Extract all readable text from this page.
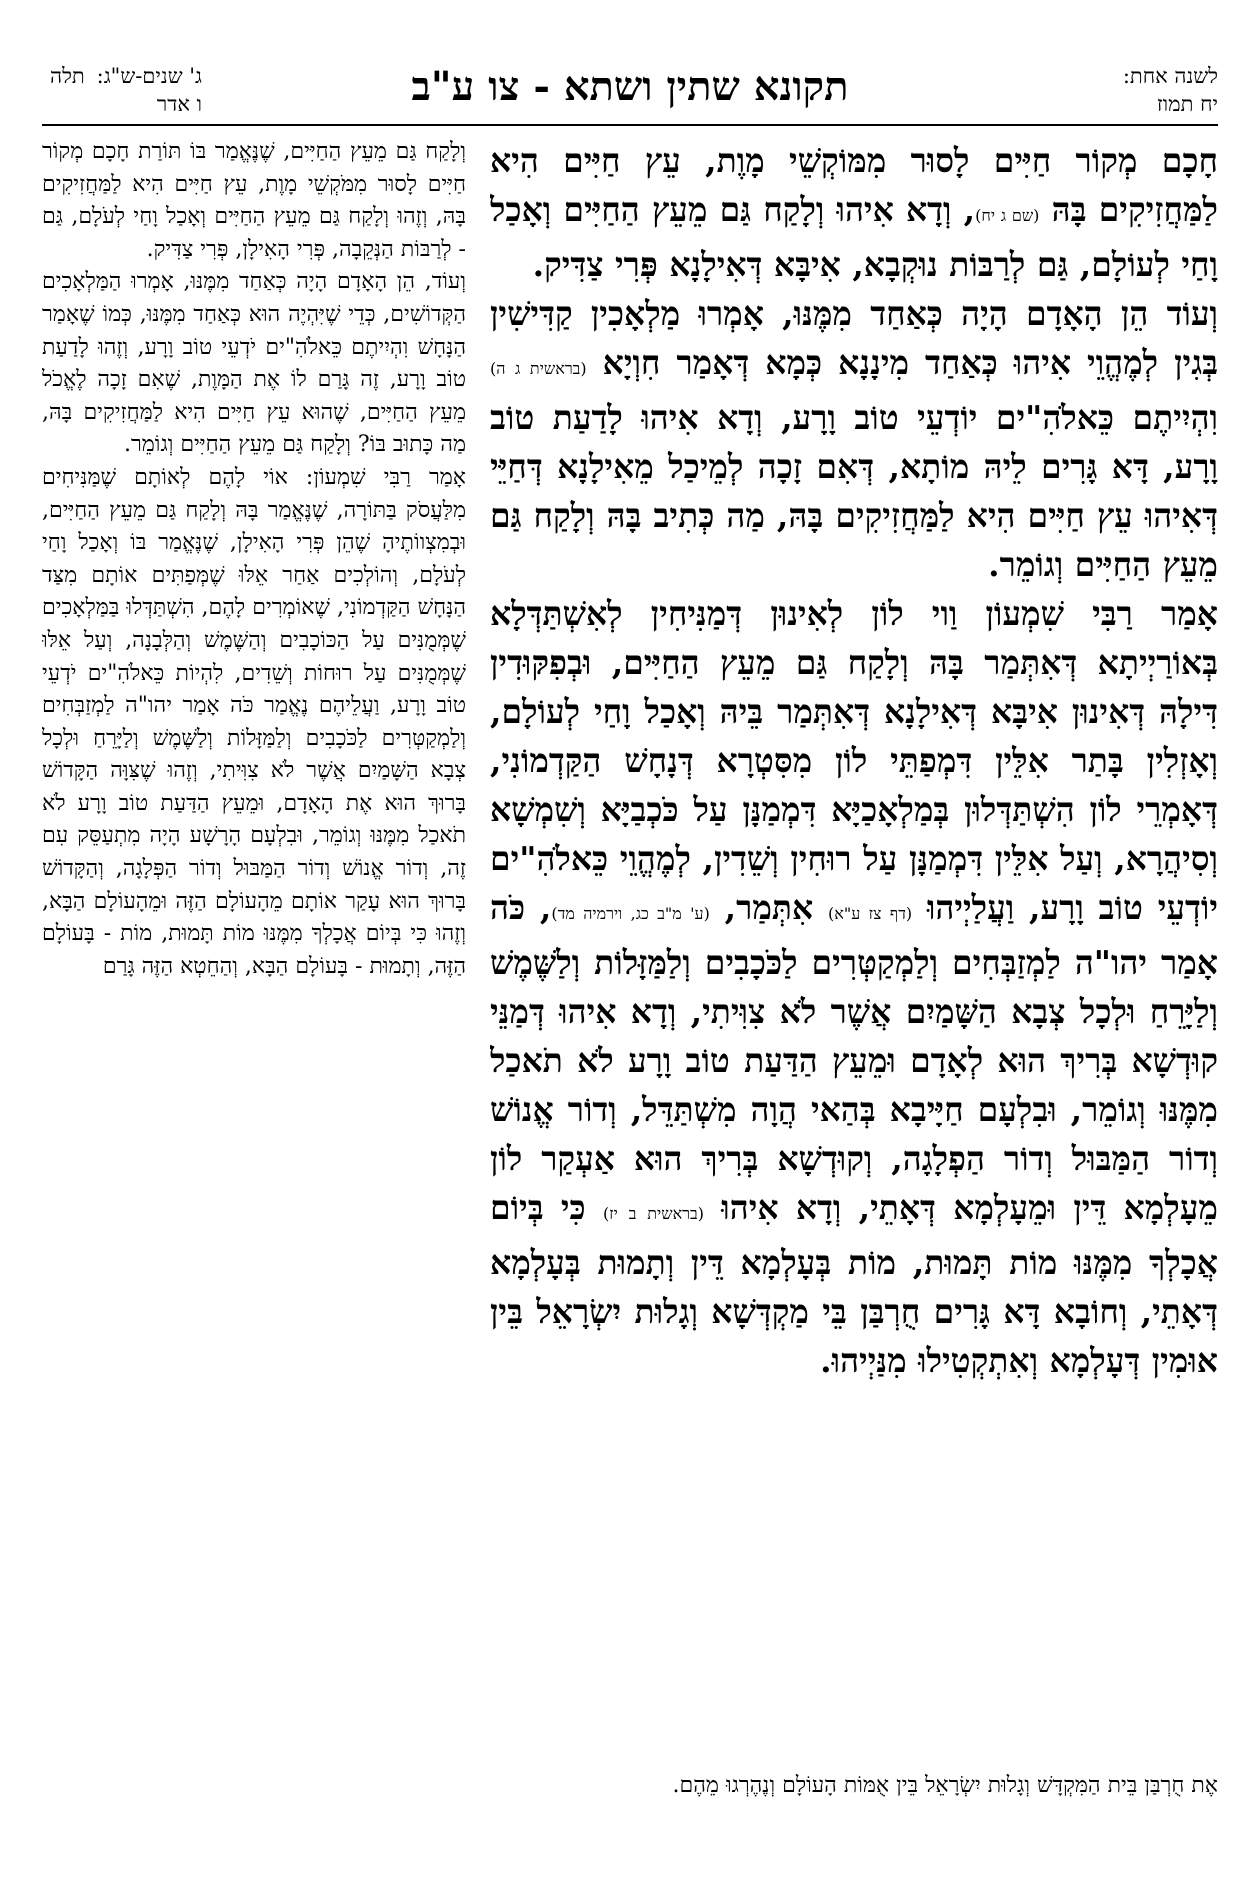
לשנה אחת:
יח תמוז
תקונא שתין ושתא - צו ע"ב
ג' שנים-ש"ג:
ו אדר
תלה

חָכָם מְקוֹר חַיִּים לָסוּר מִמּוֹקְשֵׁי מָוֶת, עֵץ חַיִּים הִיא לַמַּחֲזִיקִים בָּהּ (שם ג יח), וְדָא אִיהוּ וְלָקַח גַּם מֵעֵץ הַחַיִּים וְאָכַל וָחַי לְעוֹלָם, גַּם לְרַבּוֹת נוּקְבָא, אִיבָּא דְּאִילָנָא פְּרִי צַדִּיק.

וְעוֹד הֵן הָאָדָם הָיָה כְּאַחַד מִמֶּנּוּ, אָמְרוּ מַלְאָכִין קַדִּישִׁין בְּגִין לְמֶהֱוֵי אִיהוּ כְּאַחַד מִינָנָא כְּמָא דְּאָמַר חִוְיָא (בראשית ג ה) וִהְיִיתֶם כֵּאלֹהִ"ים יוֹדְעֵי טוֹב וָרָע, וְדָא אִיהוּ לָדַעַת טוֹב וָרָע, דָּא גָּרִים לֵיהּ מוֹתָא, דְּאִם זָכָה לְמֵיכַל מֵאִילָנָא דְּחַיֵּי דְּאִיהוּ עֵץ חַיִּים הִיא לַמַּחֲזִיקִים בָּהּ, מַה כְּתִיב בָּהּ וְלָקַח גַּם מֵעֵץ הַחַיִּים וְגוֹמֵר.

אָמַר רַבִּי שִׁמְעוֹן וַוי לוֹן לְאִינוּן דְּמַנִּיחִין לְאִשְׁתַּדְּלָא בְּאוֹרַיְיתָא דְּאִתְּמַר בָּהּ וְלָקַח גַּם מֵעֵץ הַחַיִּים, וּבְפִקּוּדִין דִּילָהּ דְּאִינוּן אִיבָּא דְּאִילָנָא דְּאִתְּמַר בֵּיהּ וְאָכַל וָחַי לְעוֹלָם, וְאָזְלִין בָּתַר אִלֵּין דִּמְפַתֵּי לוֹן מִסִּטְרָא דְּנָחָשׁ הַקַּדְמוֹנִי, דְּאָמְרֵי לוֹן הִשְׁתַּדְּלוּן בְּמַלְאָכַיָּא דִּמְמַנָּן עַל כֹּכְבַיָּא וְשִׁמְשָׁא וְסִיהֲרָא, וְעַל אִלֵּין דִּמְמַנָּן עַל רוּחִין וְשֵׁדִין, לְמֶהֱוֵי כֵּאלֹהִ"ים יוֹדְעֵי טוֹב וָרָע, וַעֲלַיְיהוּ (דף צז ע"א) אִתְּמַר, (ע' מ"ב כג, וירמיה מד), כֹּה אָמַר יהו"ה לַמְזַבְּחִים וְלַמְקַטְּרִים לַכֹּכָבִים וְלַמַּזָּלוֹת וְלַשֶּׁמֶשׁ וְלַיָּרֵחַ וּלְכָל צְבָא הַשָּׁמַיִם אֲשֶׁר לֹא צִוִּיתִי, וְדָא אִיהוּ דְּמַנֵּי קוּדְשָׁא בְּרִיךְ הוּא לְאָדָם וּמֵעֵץ הַדַּעַת טוֹב וָרָע לֹא תֹאכַל מִמֶּנּוּ וְגוֹמֵר, וּבִלְעָם חַיָּיבָא בְּהַאי הֲוָה מִשְׁתַּדֵּל, וְדוֹר אֱנוֹשׁ וְדוֹר הַמַּבּוּל וְדוֹר הַפְלָגָה, וְקוּדְשָׁא בְּרִיךְ הוּא אַעְקַר לוֹן מֵעָלְמָא דֵּין וּמֵעָלְמָא דְּאָתֵי, וְדָא אִיהוּ (בראשית ב יז) כִּי בְּיוֹם אֲכָלְךָ מִמֶּנּוּ מוֹת תָּמוּת, מוֹת בְּעָלְמָא דֵּין וְתָמוּת בְּעָלְמָא דְּאָתֵי, וְחוֹבָא דָּא גָּרִים חֻרְבַּן בֵּי מַקְדְּשָׁא וְגָלוּת יִשְׂרָאֵל בֵּין אוּמִין דְּעָלְמָא וְאִתְקְטִילוּ מִנַּיְיהוּ.

וְלָקַח גַּם מֵעֵץ הַחַיִּים, שֶׁנֶּאֱמַר בּוֹ תּוֹרַת חָכָם מְקוֹר חַיִּים לָסוּר מִמֹּקְשֵׁי מָוֶת, עֵץ חַיִּים הִיא לַמַּחֲזִיקִים בָּהּ, וְזֶהוּ וְלָקַח גַּם מֵעֵץ הַחַיִּים וְאָכַל וָחַי לְעֹלָם, גַּם - לְרַבּוֹת הַנְּקֵבָה, פְּרִי הָאִילָן, פְּרִי צַדִּיק.

וְעוֹד, הֵן הָאָדָם הָיָה כְּאַחַד מִמֶּנּוּ, אָמְרוּ הַמַּלְאָכִים הַקְּדוֹשִׁים, כְּדֵי שֶׁיִּהְיֶה הוּא כְּאַחַד מִמֶּנּוּ, כְּמוֹ שֶׁאָמַר הַנָּחָשׁ וִהְיִיתֶם כֵּאלֹהִ"ים יֹדְעֵי טוֹב וָרָע, וְזֶהוּ לָדַעַת טוֹב וָרָע, זֶה גָּרַם לוֹ אֶת הַמָּוֶת, שֶׁאִם זָכָה לֶאֱכֹל מֵעֵץ הַחַיִּים, שֶׁהוּא עֵץ חַיִּים הִיא לַמַּחֲזִיקִים בָּהּ, מַה כָּתוּב בּוֹ? וְלָקַח גַּם מֵעֵץ הַחַיִּים וְגוֹמֵר.

אָמַר רַבִּי שִׁמְעוֹן: אוֹי לָהֶם לְאוֹתָם שֶׁמַּנִּיחִים מִלַּעֲסֹק בַּתּוֹרָה, שֶׁנֶּאֱמַר בָּהּ וְלָקַח גַּם מֵעֵץ הַחַיִּים, וּבְמִצְווֹתֶיהָ שֶׁהֵן פְּרִי הָאִילָן, שֶׁנֶּאֱמַר בּוֹ וְאָכַל וָחַי לְעֹלָם, וְהוֹלְכִים אַחַר אֵלּוּ שֶׁמְּפַתִּים אוֹתָם מִצַּד הַנָּחָשׁ הַקַּדְמוֹנִי, שֶׁאוֹמְרִים לָהֶם, הִשְׁתַּדְּלוּ בַּמַּלְאָכִים שֶׁמְּמֻנִּים עַל הַכּוֹכָבִים וְהַשֶּׁמֶשׁ וְהַלְּבָנָה, וְעַל אֵלּוּ שֶׁמְּמֻנִּים עַל רוּחוֹת וְשֵׁדִים, לִהְיוֹת כֵּאלֹהִ"ים יֹדְעֵי טוֹב וָרָע, וַעֲלֵיהֶם נֶאֱמַר כֹּה אָמַר יהו"ה לַמְזַבְּחִים וְלַמְקַטְּרִים לַכֹּכָבִים וְלַמַּזָּלוֹת וְלַשֶּׁמֶשׁ וְלַיָּרֵחַ וּלְכָל צְבָא הַשָּׁמַיִם אֲשֶׁר לֹא צִוִּיתִי, וְזֶהוּ שֶׁצִּוָּה הַקָּדוֹשׁ בָּרוּךְ הוּא אֶת הָאָדָם, וּמֵעֵץ הַדַּעַת טוֹב וָרָע לֹא תֹאכַל מִמֶּנּוּ וְגוֹמֵר, וּבִלְעָם הָרָשָׁע הָיָה מִתְעַסֵּק עִם זֶה, וְדוֹר אֱנוֹשׁ וְדוֹר הַמַּבּוּל וְדוֹר הַפְּלָגָה, וְהַקָּדוֹשׁ בָּרוּךְ הוּא עָקַר אוֹתָם מֵהָעוֹלָם הַזֶּה וּמֵהָעוֹלָם הַבָּא, וְזֶהוּ כִּי בְּיוֹם אֲכָלְךָ מִמֶּנּוּ מוֹת תָּמוּת, מוֹת - בָּעוֹלָם הַזֶּה, וְתָמוּת - בָּעוֹלָם הַבָּא, וְהַחֵטְא הַזֶּה גָּרַם

אֶת חֻרְבַּן בֵּית הַמִּקְדָּשׁ וְגָלוּת יִשְׂרָאֵל בֵּין אֻמּוֹת הָעוֹלָם וְנֶהֶרְגוּ מֵהֶם.
